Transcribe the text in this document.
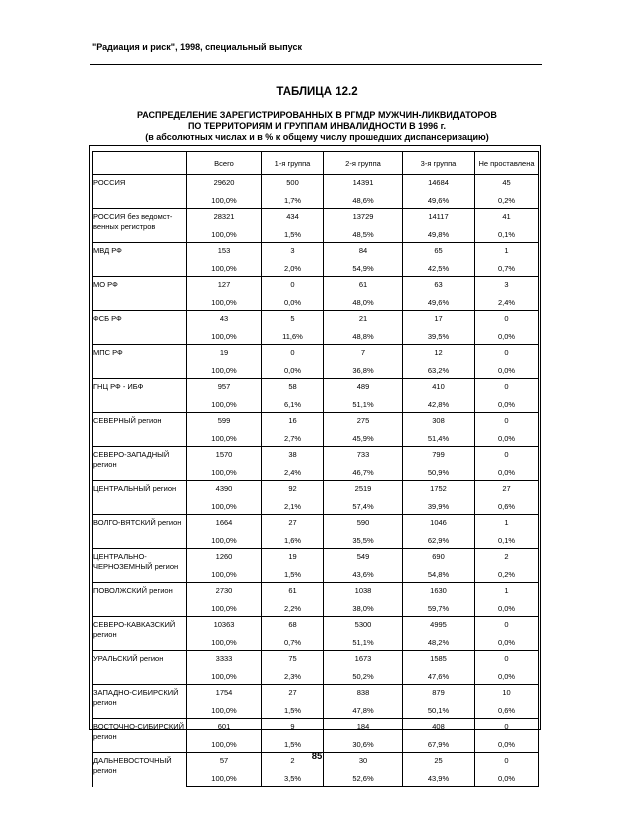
"Радиация и риск", 1998, специальный выпуск
ТАБЛИЦА 12.2
РАСПРЕДЕЛЕНИЕ ЗАРЕГИСТРИРОВАННЫХ В РГМДР МУЖЧИН-ЛИКВИДАТОРОВ
ПО ТЕРРИТОРИЯМ И ГРУППАМ ИНВАЛИДНОСТИ В 1996 г.
(в абсолютных числах и в % к общему числу прошедших диспансеризацию)
	Всего	1-я группа	2-я группа	3-я группа	Не проставлена
РОССИЯ	29620	500	14391	14684	45
	100,0%	1,7%	48,6%	49,6%	0,2%
РОССИЯ без ведомст-венных регистров	28321	434	13729	14117	41
	100,0%	1,5%	48,5%	49,8%	0,1%
МВД РФ	153	3	84	65	1
	100,0%	2,0%	54,9%	42,5%	0,7%
МО РФ	127	0	61	63	3
	100,0%	0,0%	48,0%	49,6%	2,4%
ФСБ РФ	43	5	21	17	0
	100,0%	11,6%	48,8%	39,5%	0,0%
МПС РФ	19	0	7	12	0
	100,0%	0,0%	36,8%	63,2%	0,0%
ГНЦ РФ - ИБФ	957	58	489	410	0
	100,0%	6,1%	51,1%	42,8%	0,0%
СЕВЕРНЫЙ регион	599	16	275	308	0
	100,0%	2,7%	45,9%	51,4%	0,0%
СЕВЕРО-ЗАПАДНЫЙ регион	1570	38	733	799	0
	100,0%	2,4%	46,7%	50,9%	0,0%
ЦЕНТРАЛЬНЫЙ регион	4390	92	2519	1752	27
	100,0%	2,1%	57,4%	39,9%	0,6%
ВОЛГО-ВЯТСКИЙ регион	1664	27	590	1046	1
	100,0%	1,6%	35,5%	62,9%	0,1%
ЦЕНТРАЛЬНО-ЧЕРНОЗЕМНЫЙ регион	1260	19	549	690	2
	100,0%	1,5%	43,6%	54,8%	0,2%
ПОВОЛЖСКИЙ регион	2730	61	1038	1630	1
	100,0%	2,2%	38,0%	59,7%	0,0%
СЕВЕРО-КАВКАЗСКИЙ регион	10363	68	5300	4995	0
	100,0%	0,7%	51,1%	48,2%	0,0%
УРАЛЬСКИЙ регион	3333	75	1673	1585	0
	100,0%	2,3%	50,2%	47,6%	0,0%
ЗАПАДНО-СИБИРСКИЙ регион	1754	27	838	879	10
	100,0%	1,5%	47,8%	50,1%	0,6%
ВОСТОЧНО-СИБИРСКИЙ регион	601	9	184	408	0
	100,0%	1,5%	30,6%	67,9%	0,0%
ДАЛЬНЕВОСТОЧНЫЙ регион	57	2	30	25	0
	100,0%	3,5%	52,6%	43,9%	0,0%
85
